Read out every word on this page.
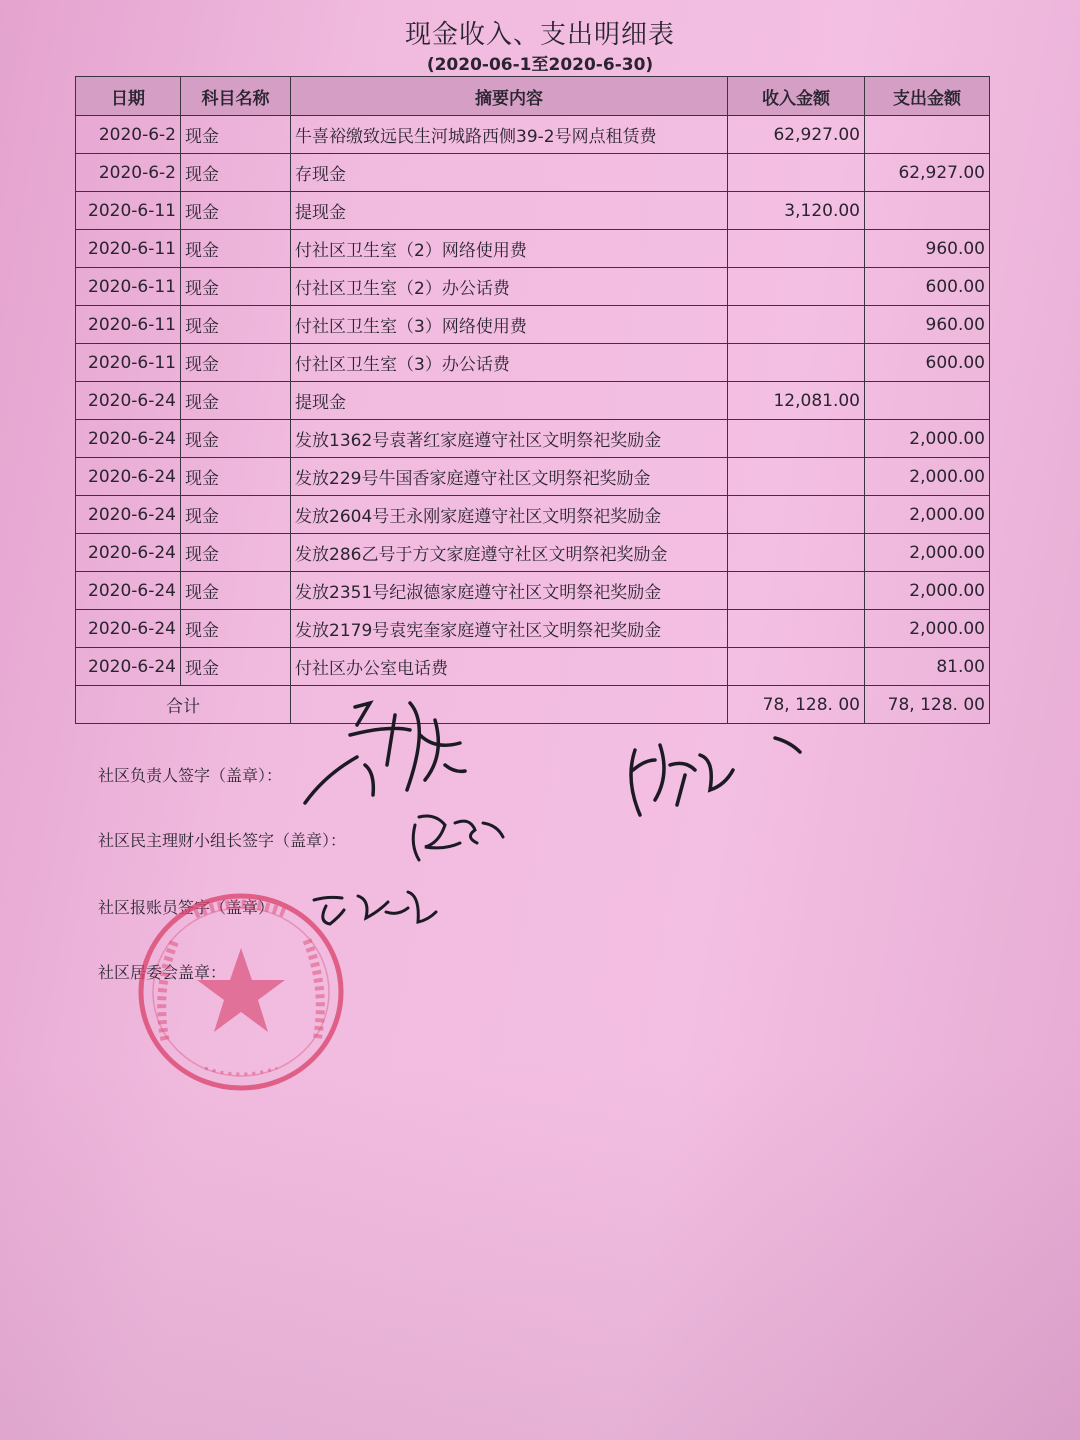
现金收入、支出明细表
(2020-06-1至2020-6-30)
日期	科目名称	摘要内容	收入金额	支出金额
2020-6-2	现金	牛喜裕缴致远民生河城路西侧39-2号网点租赁费	62,927.00	
2020-6-2	现金	存现金		62,927.00
2020-6-11	现金	提现金	3,120.00	
2020-6-11	现金	付社区卫生室（2）网络使用费		960.00
2020-6-11	现金	付社区卫生室（2）办公话费		600.00
2020-6-11	现金	付社区卫生室（3）网络使用费		960.00
2020-6-11	现金	付社区卫生室（3）办公话费		600.00
2020-6-24	现金	提现金	12,081.00	
2020-6-24	现金	发放1362号袁著红家庭遵守社区文明祭祀奖励金		2,000.00
2020-6-24	现金	发放229号牛国香家庭遵守社区文明祭祀奖励金		2,000.00
2020-6-24	现金	发放2604号王永刚家庭遵守社区文明祭祀奖励金		2,000.00
2020-6-24	现金	发放286乙号于方文家庭遵守社区文明祭祀奖励金		2,000.00
2020-6-24	现金	发放2351号纪淑德家庭遵守社区文明祭祀奖励金		2,000.00
2020-6-24	现金	发放2179号袁宪奎家庭遵守社区文明祭祀奖励金		2,000.00
2020-6-24	现金	付社区办公室电话费		81.00
合计			78, 128. 00	78, 128. 00
社区负责人签字（盖章）：
社区民主理财小组长签字（盖章）：
社区报账员签字（盖章）
社区居委会盖章：
